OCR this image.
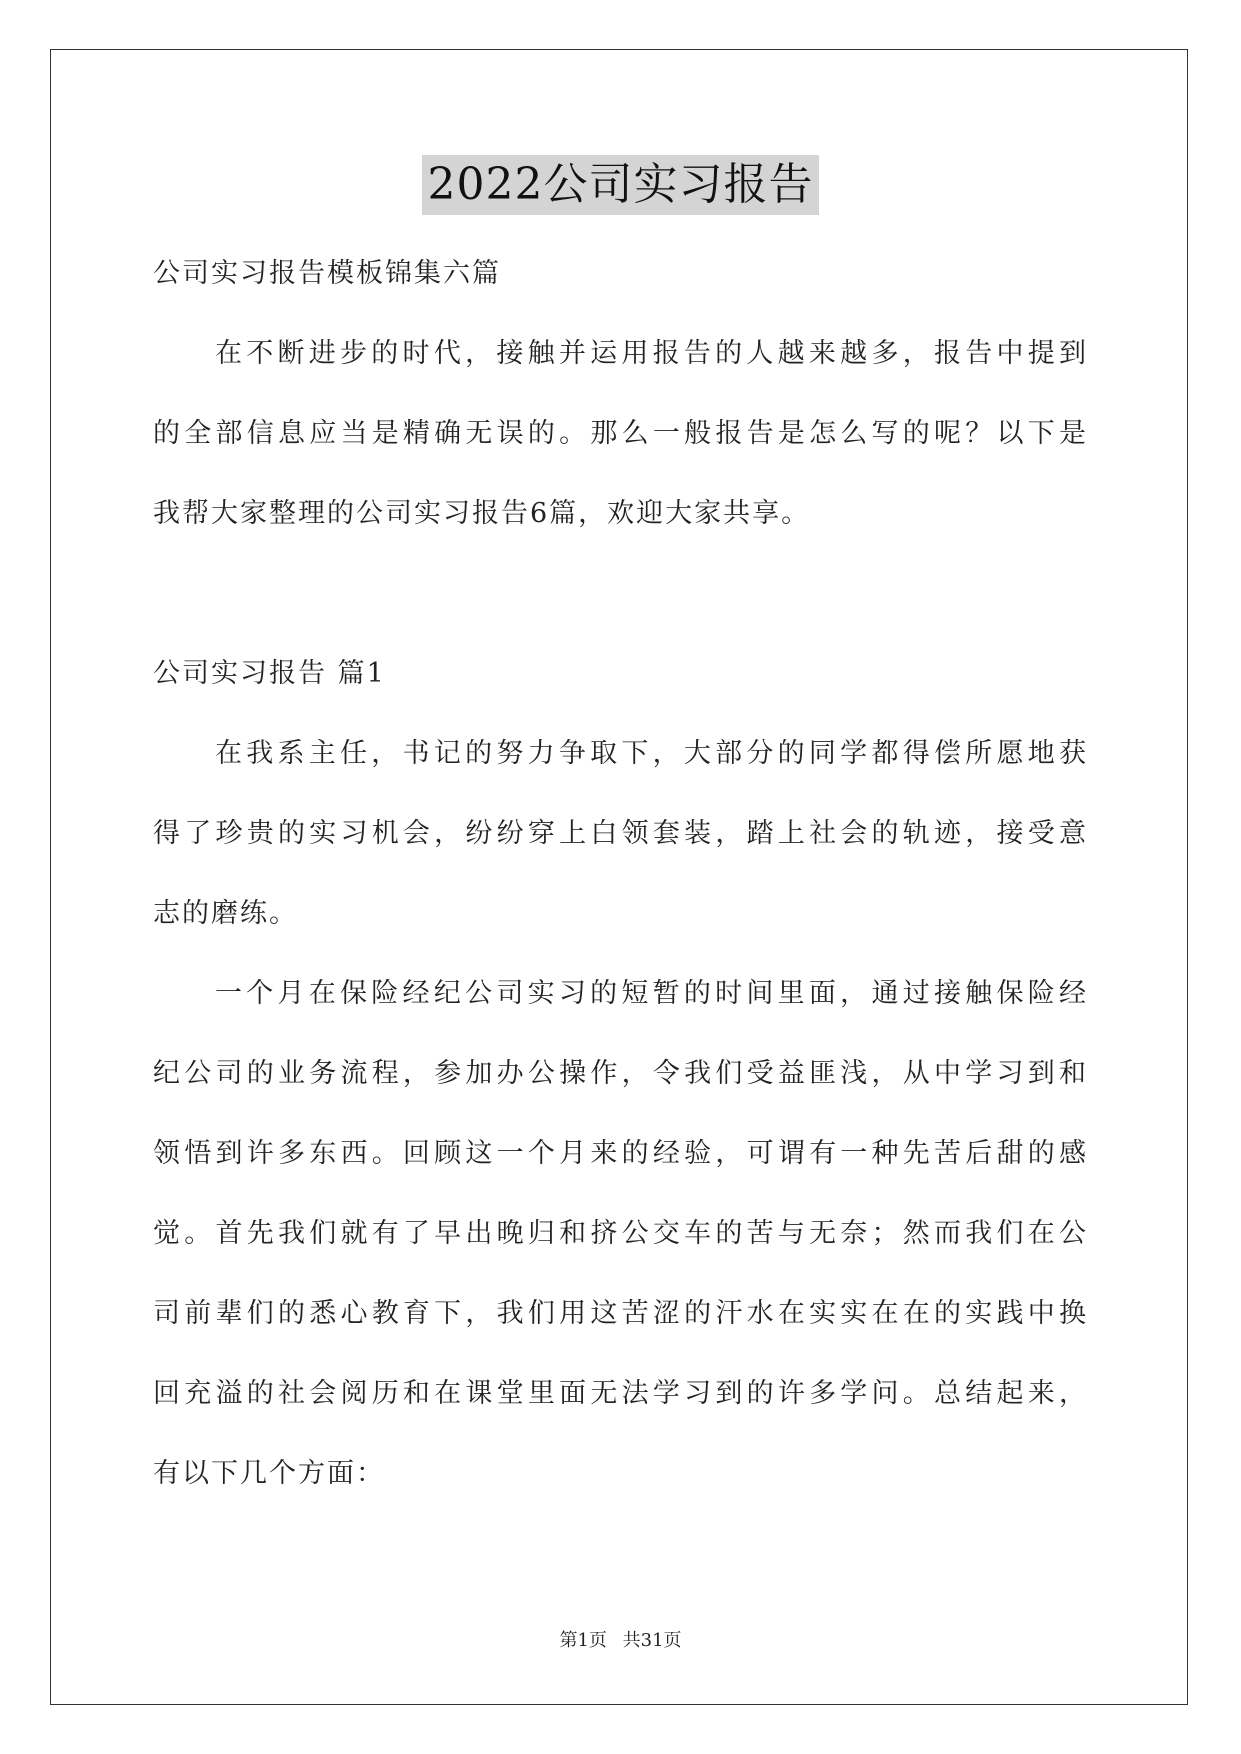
2022公司实习报告
公司实习报告模板锦集六篇
在不断进步的时代，接触并运用报告的人越来越多，报告中提到
的全部信息应当是精确无误的。那么一般报告是怎么写的呢？以下是
我帮大家整理的公司实习报告6篇，欢迎大家共享。
公司实习报告 篇1
在我系主任，书记的努力争取下，大部分的同学都得偿所愿地获
得了珍贵的实习机会，纷纷穿上白领套装，踏上社会的轨迹，接受意
志的磨练。
一个月在保险经纪公司实习的短暂的时间里面，通过接触保险经
纪公司的业务流程，参加办公操作，令我们受益匪浅，从中学习到和
领悟到许多东西。回顾这一个月来的经验，可谓有一种先苦后甜的感
觉。首先我们就有了早出晚归和挤公交车的苦与无奈；然而我们在公
司前辈们的悉心教育下，我们用这苦涩的汗水在实实在在的实践中换
回充溢的社会阅历和在课堂里面无法学习到的许多学问。总结起来，
有以下几个方面：
第1页 共31页
